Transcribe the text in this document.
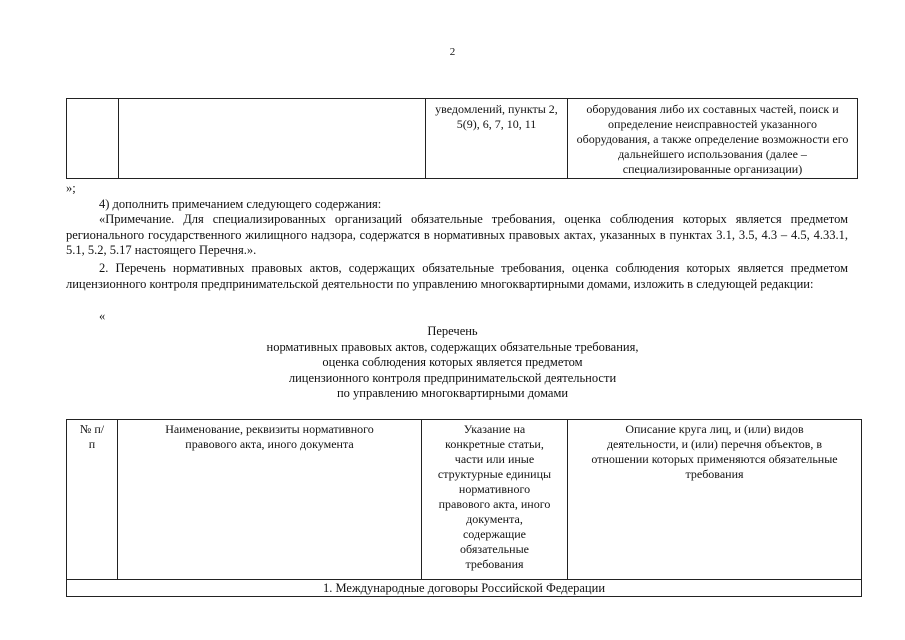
2
		уведомлений, пункты 2, 5(9), 6, 7, 10, 11	оборудования либо их составных частей, поиск и определение неисправностей указанного оборудования, а также определение возможности его дальнейшего использования (далее – специализированные организации)
»;
4) дополнить примечанием следующего содержания:
«Примечание. Для специализированных организаций обязательные требования, оценка соблюдения которых является предметом регионального государственного жилищного надзора, содержатся в нормативных правовых актах, указанных в пунктах 3.1, 3.5, 4.3 – 4.5, 4.33.1, 5.1, 5.2, 5.17 настоящего Перечня.».
2. Перечень нормативных правовых актов, содержащих обязательные требования, оценка соблюдения которых является предметом лицензионного контроля предпринимательской деятельности по управлению многоквартирными домами, изложить в следующей редакции:
«
Перечень
нормативных правовых актов, содержащих обязательные требования,
оценка соблюдения которых является предметом
лицензионного контроля предпринимательской деятельности
по управлению многоквартирными домами
№ п/п	Наименование, реквизиты нормативного правового акта, иного документа	Указание на конкретные статьи, части или иные структурные единицы нормативного правового акта, иного документа, содержащие обязательные требования	Описание круга лиц, и (или) видов деятельности, и (или) перечня объектов, в отношении которых применяются обязательные требования
1. Международные договоры Российской Федерации
